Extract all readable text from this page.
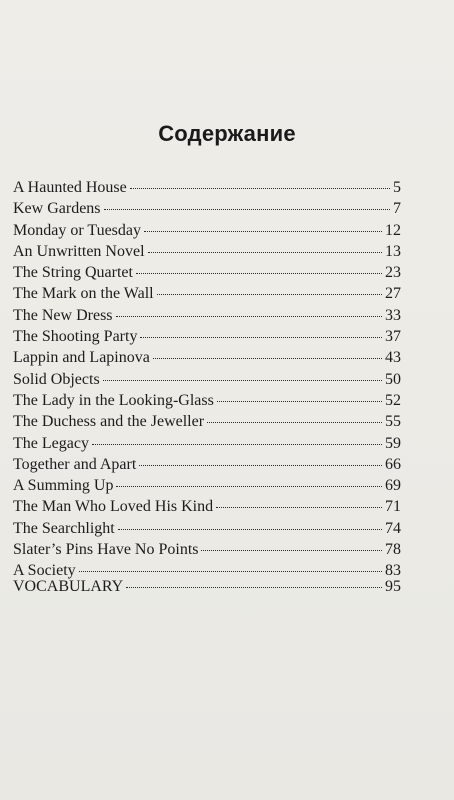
Содержание
A Haunted House	5
Kew Gardens	7
Monday or Tuesday	12
An Unwritten Novel	13
The String Quartet	23
The Mark on the Wall	27
The New Dress	33
The Shooting Party	37
Lappin and Lapinova	43
Solid Objects	50
The Lady in the Looking-Glass	52
The Duchess and the Jeweller	55
The Legacy	59
Together and Apart	66
A Summing Up	69
The Man Who Loved His Kind	71
The Searchlight	74
Slater’s Pins Have No Points	78
A Society	83
VOCABULARY	95
